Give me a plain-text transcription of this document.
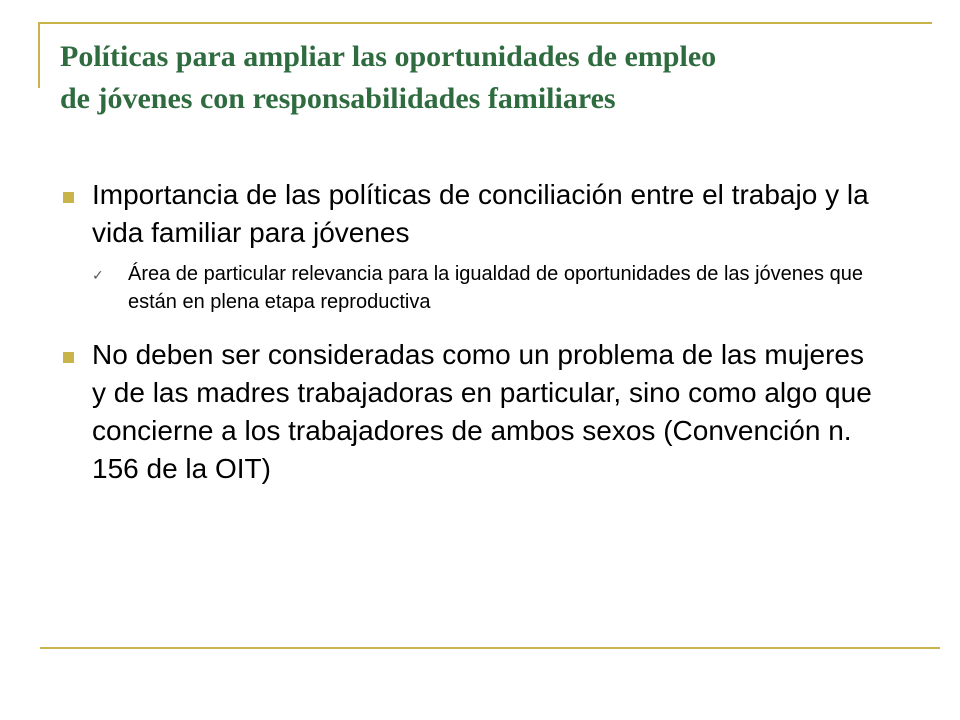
Políticas para ampliar las oportunidades de empleo
de jóvenes con responsabilidades familiares
Importancia de las políticas de conciliación entre el trabajo y la vida familiar para jóvenes
✓ Área de particular relevancia para la igualdad de oportunidades de las jóvenes que están en plena etapa reproductiva
No deben ser consideradas como un problema de las mujeres y de las madres trabajadoras en particular, sino como algo que concierne a los trabajadores de ambos sexos (Convención n. 156 de la OIT)
